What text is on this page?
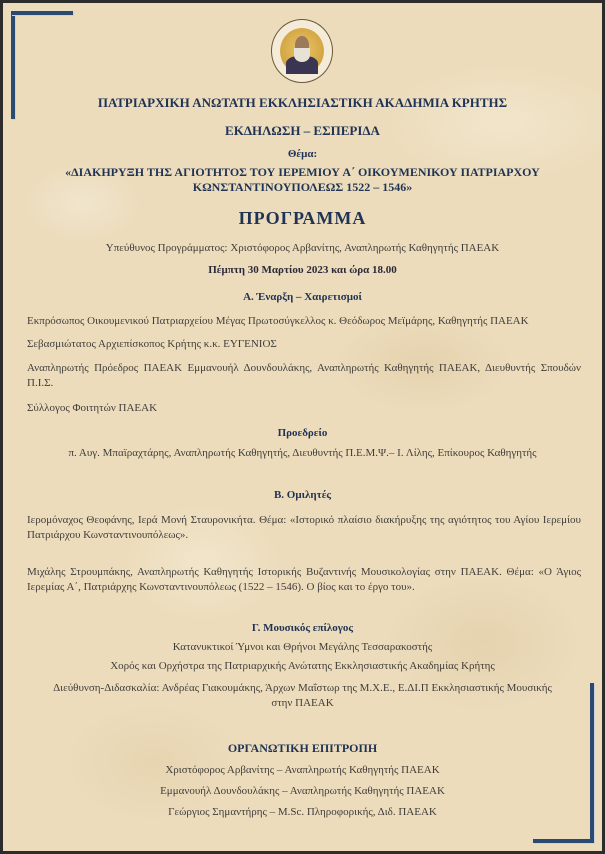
ΠΑΤΡΙΑΡΧΙΚΗ ΑΝΩΤΑΤΗ ΕΚΚΛΗΣΙΑΣΤΙΚΗ ΑΚΑΔΗΜΙΑ ΚΡΗΤΗΣ
ΕΚΔΗΛΩΣΗ – ΕΣΠΕΡΙΔΑ
Θέμα:
«ΔΙΑΚΗΡΥΞΗ ΤΗΣ ΑΓΙΟΤΗΤΟΣ ΤΟΥ ΙΕΡΕΜΙΟΥ Α΄ ΟΙΚΟΥΜΕΝΙΚΟΥ ΠΑΤΡΙΑΡΧΟΥ
ΚΩΝΣΤΑΝΤΙΝΟΥΠΟΛΕΩΣ 1522 – 1546»
ΠΡΟΓΡΑΜΜΑ
Υπεύθυνος Προγράμματος: Χριστόφορος Αρβανίτης, Αναπληρωτής Καθηγητής ΠΑΕΑΚ
Πέμπτη 30 Μαρτίου 2023 και ώρα 18.00
Α. Έναρξη – Χαιρετισμοί
Εκπρόσωπος Οικουμενικού Πατριαρχείου Μέγας Πρωτοσύγκελλος κ. Θεόδωρος Μεϊμάρης, Καθηγητής ΠΑΕΑΚ
Σεβασμιώτατος Αρχιεπίσκοπος Κρήτης κ.κ. ΕΥΓΕΝΙΟΣ
Αναπληρωτής Πρόεδρος ΠΑΕΑΚ Εμμανουήλ Δουνδουλάκης, Αναπληρωτής Καθηγητής ΠΑΕΑΚ, Διευθυντής Σπουδών Π.Ι.Σ.
Σύλλογος Φοιτητών ΠΑΕΑΚ
Προεδρείο
π. Αυγ. Μπαϊραχτάρης, Αναπληρωτής Καθηγητής, Διευθυντής Π.Ε.Μ.Ψ.– Ι. Λίλης, Επίκουρος Καθηγητής
Β. Ομιλητές
Ιερομόναχος Θεοφάνης, Ιερά Μονή Σταυρονικήτα. Θέμα: «Ιστορικό πλαίσιο διακήρυξης της αγιότητος του Αγίου Ιερεμίου Πατριάρχου Κωνσταντινουπόλεως».
Μιχάλης Στρουμπάκης, Αναπληρωτής Καθηγητής Ιστορικής Βυζαντινής Μουσικολογίας στην ΠΑΕΑΚ. Θέμα: «Ο Άγιος Ιερεμίας Α΄, Πατριάρχης Κωνσταντινουπόλεως (1522 – 1546). Ο βίος και το έργο του».
Γ. Μουσικός επίλογος
Κατανυκτικοί Ύμνοι και Θρήνοι Μεγάλης Τεσσαρακοστής
Χορός και Ορχήστρα της Πατριαρχικής Ανώτατης Εκκλησιαστικής Ακαδημίας Κρήτης
Διεύθυνση-Διδασκαλία: Ανδρέας Γιακουμάκης, Άρχων Μαΐστωρ της Μ.Χ.Ε., Ε.ΔΙ.Π Εκκλησιαστικής Μουσικής
στην ΠΑΕΑΚ
ΟΡΓΑΝΩΤΙΚΗ ΕΠΙΤΡΟΠΗ
Χριστόφορος Αρβανίτης – Αναπληρωτής Καθηγητής ΠΑΕΑΚ
Εμμανουήλ Δουνδουλάκης – Αναπληρωτής Καθηγητής ΠΑΕΑΚ
Γεώργιος Σημαντήρης – M.Sc. Πληροφορικής, Διδ. ΠΑΕΑΚ
